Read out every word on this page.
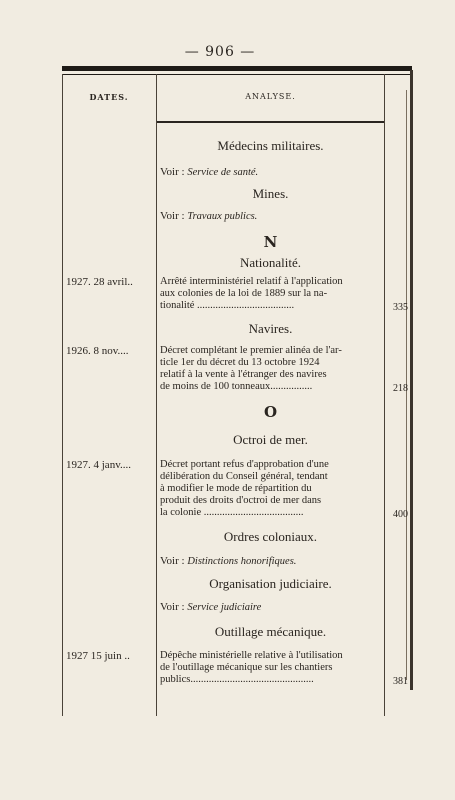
— 906 —
DATES.	ANALYSE.
Médecins militaires.
Voir : Service de santé.
Mines.
Voir : Travaux publics.
N
Nationalité.
1927. 28 avril..	Arrêté interministériel relatif à l'application
aux colonies de la loi de 1889 sur la na-
tionalité .....................................	335
Navires.
1926. 8 nov....	Décret complétant le premier alinéa de l'ar-
ticle 1er du décret du 13 octobre 1924
relatif à la vente à l'étranger des navires
de moins de 100 tonneaux................	218
O
Octroi de mer.
1927. 4 janv....	Décret portant refus d'approbation d'une
délibération du Conseil général, tendant
à modifier le mode de répartition du
produit des droits d'octroi de mer dans
la colonie ......................................	400
Ordres coloniaux.
Voir : Distinctions honorifiques.
Organisation judiciaire.
Voir : Service judiciaire
Outillage mécanique.
1927 15 juin ..	Dépêche ministérielle relative à l'utilisation
de l'outillage mécanique sur les chantiers
publics...............................................	381
